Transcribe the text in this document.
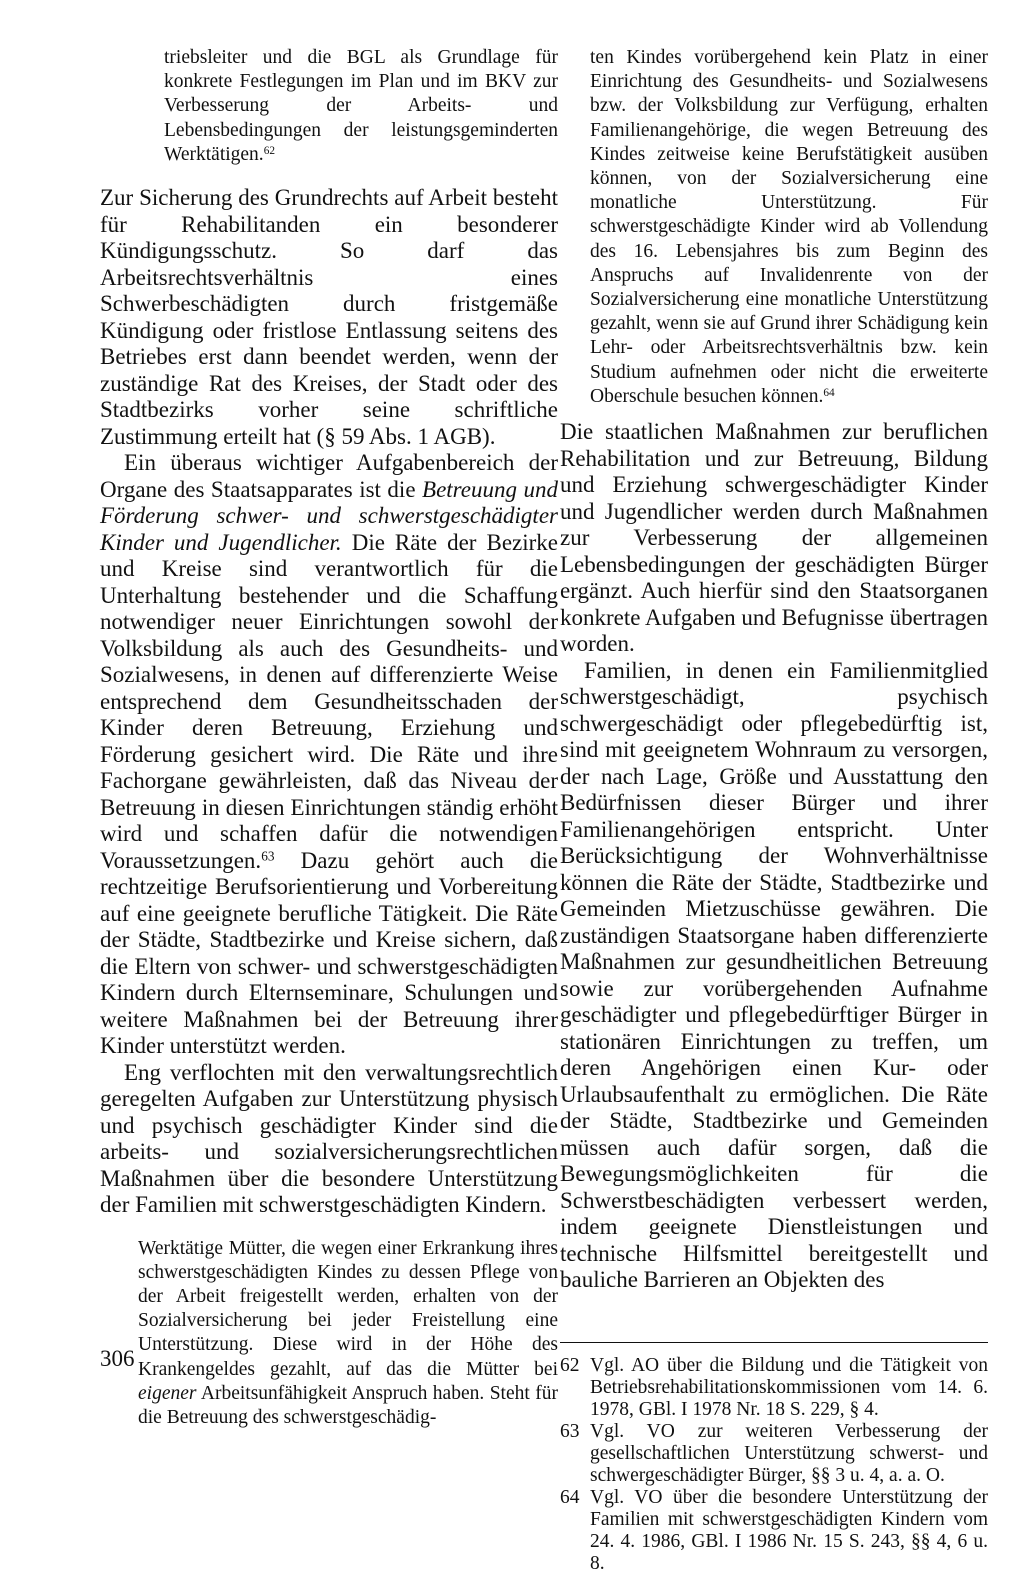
triebsleiter und die BGL als Grundlage für konkrete Festlegungen im Plan und im BKV zur Verbesserung der Arbeits- und Lebensbedingungen der leistungsgeminderten Werktätigen.$^{62}$

Zur Sicherung des Grundrechts auf Arbeit besteht für Rehabilitanden ein besonderer Kündigungsschutz. So darf das Arbeitsrechtsverhältnis eines Schwerbeschädigten durch fristgemäße Kündigung oder fristlose Entlassung seitens des Betriebes erst dann beendet werden, wenn der zuständige Rat des Kreises, der Stadt oder des Stadtbezirks vorher seine schriftliche Zustimmung erteilt hat (§ 59 Abs. 1 AGB).

Ein überaus wichtiger Aufgabenbereich der Organe des Staatsapparates ist die Betreuung und Förderung schwer- und schwerstgeschädigter Kinder und Jugendlicher. Die Räte der Bezirke und Kreise sind verantwortlich für die Unterhaltung bestehender und die Schaffung notwendiger neuer Einrichtungen sowohl der Volksbildung als auch des Gesundheits- und Sozialwesens, in denen auf differenzierte Weise entsprechend dem Gesundheitsschaden der Kinder deren Betreuung, Erziehung und Förderung gesichert wird. Die Räte und ihre Fachorgane gewährleisten, daß das Niveau der Betreuung in diesen Einrichtungen ständig erhöht wird und schaffen dafür die notwendigen Voraussetzungen.$^{63}$ Dazu gehört auch die rechtzeitige Berufsorientierung und Vorbereitung auf eine geeignete berufliche Tätigkeit. Die Räte der Städte, Stadtbezirke und Kreise sichern, daß die Eltern von schwer- und schwerstgeschädigten Kindern durch Elternseminare, Schulungen und weitere Maßnahmen bei der Betreuung ihrer Kinder unterstützt werden.

Eng verflochten mit den verwaltungsrechtlich geregelten Aufgaben zur Unterstützung physisch und psychisch geschädigter Kinder sind die arbeits- und sozialversicherungsrechtlichen Maßnahmen über die besondere Unterstützung der Familien mit schwerstgeschädigten Kindern.

Werktätige Mütter, die wegen einer Erkrankung ihres schwerstgeschädigten Kindes zu dessen Pflege von der Arbeit freigestellt werden, erhalten von der Sozialversicherung bei jeder Freistellung eine Unterstützung. Diese wird in der Höhe des Krankengeldes gezahlt, auf das die Mütter bei eigener Arbeitsunfähigkeit Anspruch haben. Steht für die Betreuung des schwerstgeschädig-

ten Kindes vorübergehend kein Platz in einer Einrichtung des Gesundheits- und Sozialwesens bzw. der Volksbildung zur Verfügung, erhalten Familienangehörige, die wegen Betreuung des Kindes zeitweise keine Berufstätigkeit ausüben können, von der Sozialversicherung eine monatliche Unterstützung. Für schwerstgeschädigte Kinder wird ab Vollendung des 16. Lebensjahres bis zum Beginn des Anspruchs auf Invalidenrente von der Sozialversicherung eine monatliche Unterstützung gezahlt, wenn sie auf Grund ihrer Schädigung kein Lehr- oder Arbeitsrechtsverhältnis bzw. kein Studium aufnehmen oder nicht die erweiterte Oberschule besuchen können.$^{64}$

Die staatlichen Maßnahmen zur beruflichen Rehabilitation und zur Betreuung, Bildung und Erziehung schwergeschädigter Kinder und Jugendlicher werden durch Maßnahmen zur Verbesserung der allgemeinen Lebensbedingungen der geschädigten Bürger ergänzt. Auch hierfür sind den Staatsorganen konkrete Aufgaben und Befugnisse übertragen worden.

Familien, in denen ein Familienmitglied schwerstgeschädigt, psychisch schwergeschädigt oder pflegebedürftig ist, sind mit geeignetem Wohnraum zu versorgen, der nach Lage, Größe und Ausstattung den Bedürfnissen dieser Bürger und ihrer Familienangehörigen entspricht. Unter Berücksichtigung der Wohnverhältnisse können die Räte der Städte, Stadtbezirke und Gemeinden Mietzuschüsse gewähren. Die zuständigen Staatsorgane haben differenzierte Maßnahmen zur gesundheitlichen Betreuung sowie zur vorübergehenden Aufnahme geschädigter und pflegebedürftiger Bürger in stationären Einrichtungen zu treffen, um deren Angehörigen einen Kur- oder Urlaubsaufenthalt zu ermöglichen. Die Räte der Städte, Stadtbezirke und Gemeinden müssen auch dafür sorgen, daß die Bewegungsmöglichkeiten für die Schwerstbeschädigten verbessert werden, indem geeignete Dienstleistungen und technische Hilfsmittel bereitgestellt und bauliche Barrieren an Objekten des

62 Vgl. AO über die Bildung und die Tätigkeit von Betriebsrehabilitationskommissionen vom 14. 6. 1978, GBl. I 1978 Nr. 18 S. 229, § 4.
63 Vgl. VO zur weiteren Verbesserung der gesellschaftlichen Unterstützung schwerst- und schwergeschädigter Bürger, §§ 3 u. 4, a. a. O.
64 Vgl. VO über die besondere Unterstützung der Familien mit schwerstgeschädigten Kindern vom 24. 4. 1986, GBl. I 1986 Nr. 15 S. 243, §§ 4, 6 u. 8.
306
